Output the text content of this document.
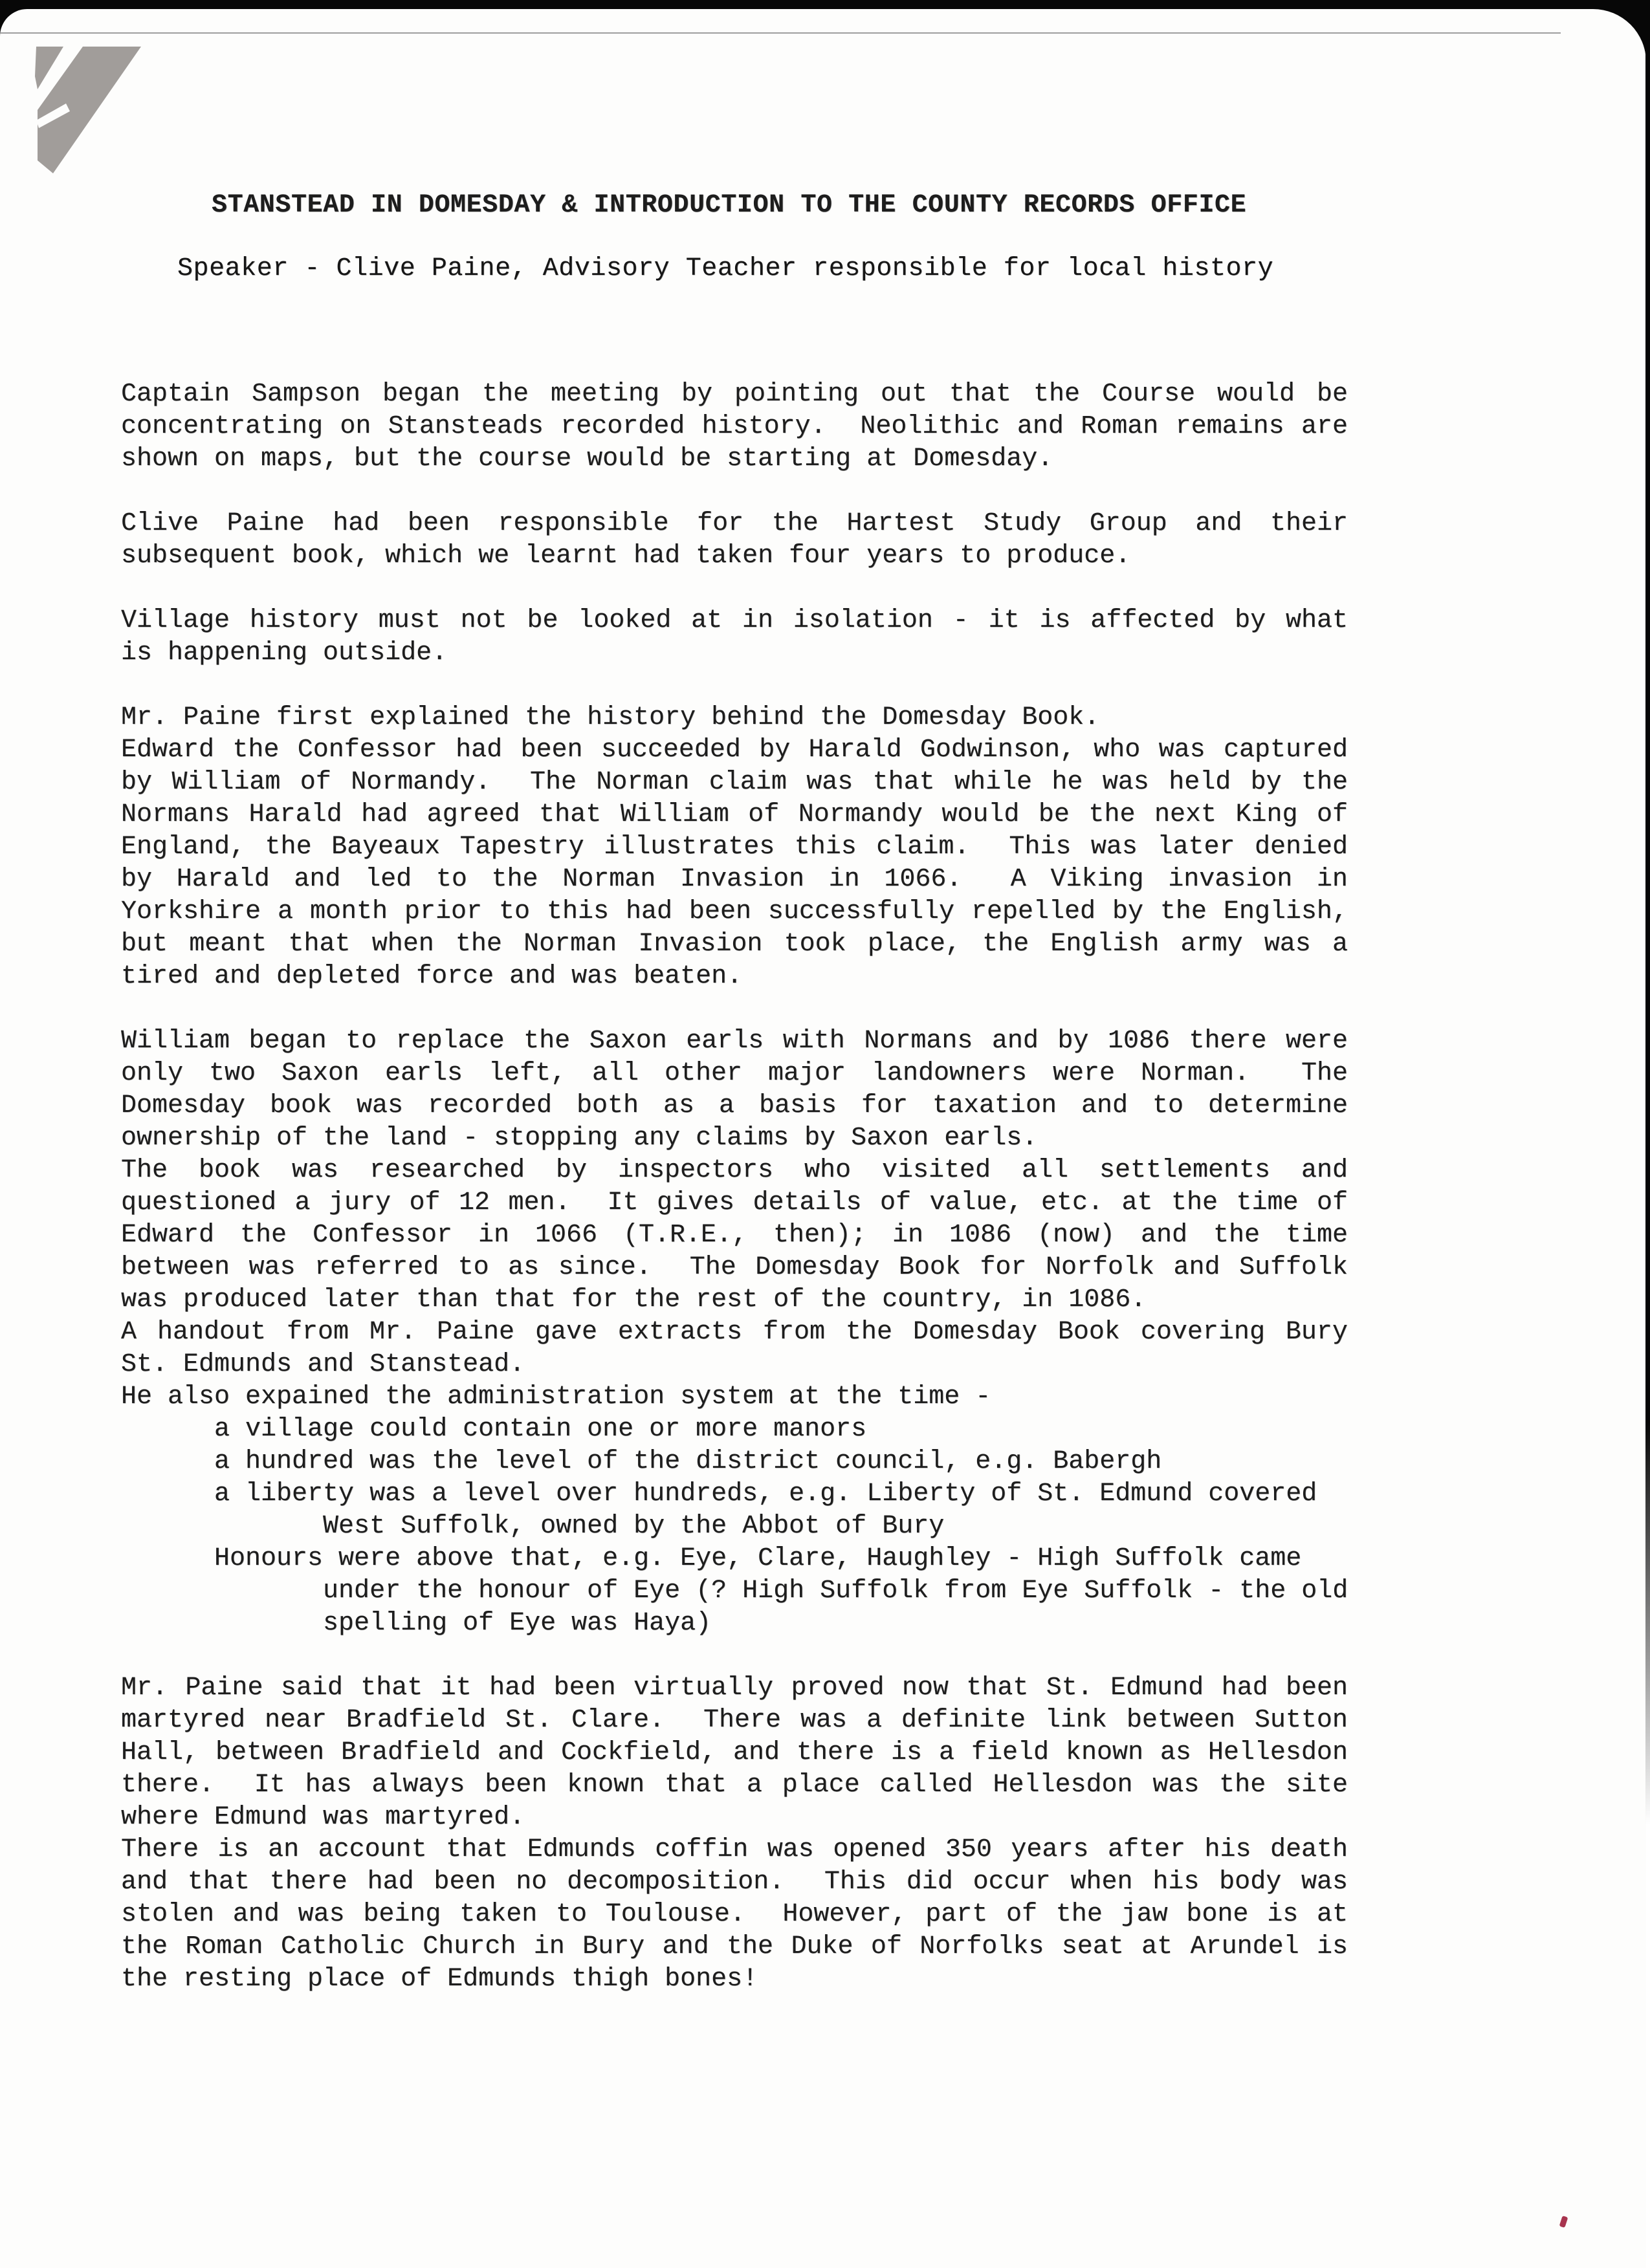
STANSTEAD IN DOMESDAY & INTRODUCTION TO THE COUNTY RECORDS OFFICE
Speaker - Clive Paine, Advisory Teacher responsible for local history
Captain Sampson began the meeting by pointing out that the Course would be
concentrating on Stansteads recorded history.  Neolithic and Roman remains are
shown on maps, but the course would be starting at Domesday.

Clive Paine had been responsible for the Hartest Study Group and their
subsequent book, which we learnt had taken four years to produce.

Village history must not be looked at in isolation - it is affected by what
is happening outside.

Mr. Paine first explained the history behind the Domesday Book.
Edward the Confessor had been succeeded by Harald Godwinson, who was captured
by William of Normandy.  The Norman claim was that while he was held by the
Normans Harald had agreed that William of Normandy would be the next King of
England, the Bayeaux Tapestry illustrates this claim.  This was later denied
by Harald and led to the Norman Invasion in 1066.  A Viking invasion in
Yorkshire a month prior to this had been successfully repelled by the English,
but meant that when the Norman Invasion took place, the English army was a
tired and depleted force and was beaten.

William began to replace the Saxon earls with Normans and by 1086 there were
only two Saxon earls left, all other major landowners were Norman.  The
Domesday book was recorded both as a basis for taxation and to determine
ownership of the land - stopping any claims by Saxon earls.
The book was researched by inspectors who visited all settlements and
questioned a jury of 12 men.  It gives details of value, etc. at the time of
Edward the Confessor in 1066 (T.R.E., then); in 1086 (now) and the time
between was referred to as since.  The Domesday Book for Norfolk and Suffolk
was produced later than that for the rest of the country, in 1086.
A handout from Mr. Paine gave extracts from the Domesday Book covering Bury
St. Edmunds and Stanstead.
He also expained the administration system at the time -
a village could contain one or more manors
a hundred was the level of the district council, e.g. Babergh
a liberty was a level over hundreds, e.g. Liberty of St. Edmund covered
West Suffolk, owned by the Abbot of Bury
Honours were above that, e.g. Eye, Clare, Haughley - High Suffolk came
under the honour of Eye (? High Suffolk from Eye Suffolk - the old
spelling of Eye was Haya)

Mr. Paine said that it had been virtually proved now that St. Edmund had been
martyred near Bradfield St. Clare.  There was a definite link between Sutton
Hall, between Bradfield and Cockfield, and there is a field known as Hellesdon
there.  It has always been known that a place called Hellesdon was the site
where Edmund was martyred.
There is an account that Edmunds coffin was opened 350 years after his death
and that there had been no decomposition.  This did occur when his body was
stolen and was being taken to Toulouse.  However, part of the jaw bone is at
the Roman Catholic Church in Bury and the Duke of Norfolks seat at Arundel is
the resting place of Edmunds thigh bones!
